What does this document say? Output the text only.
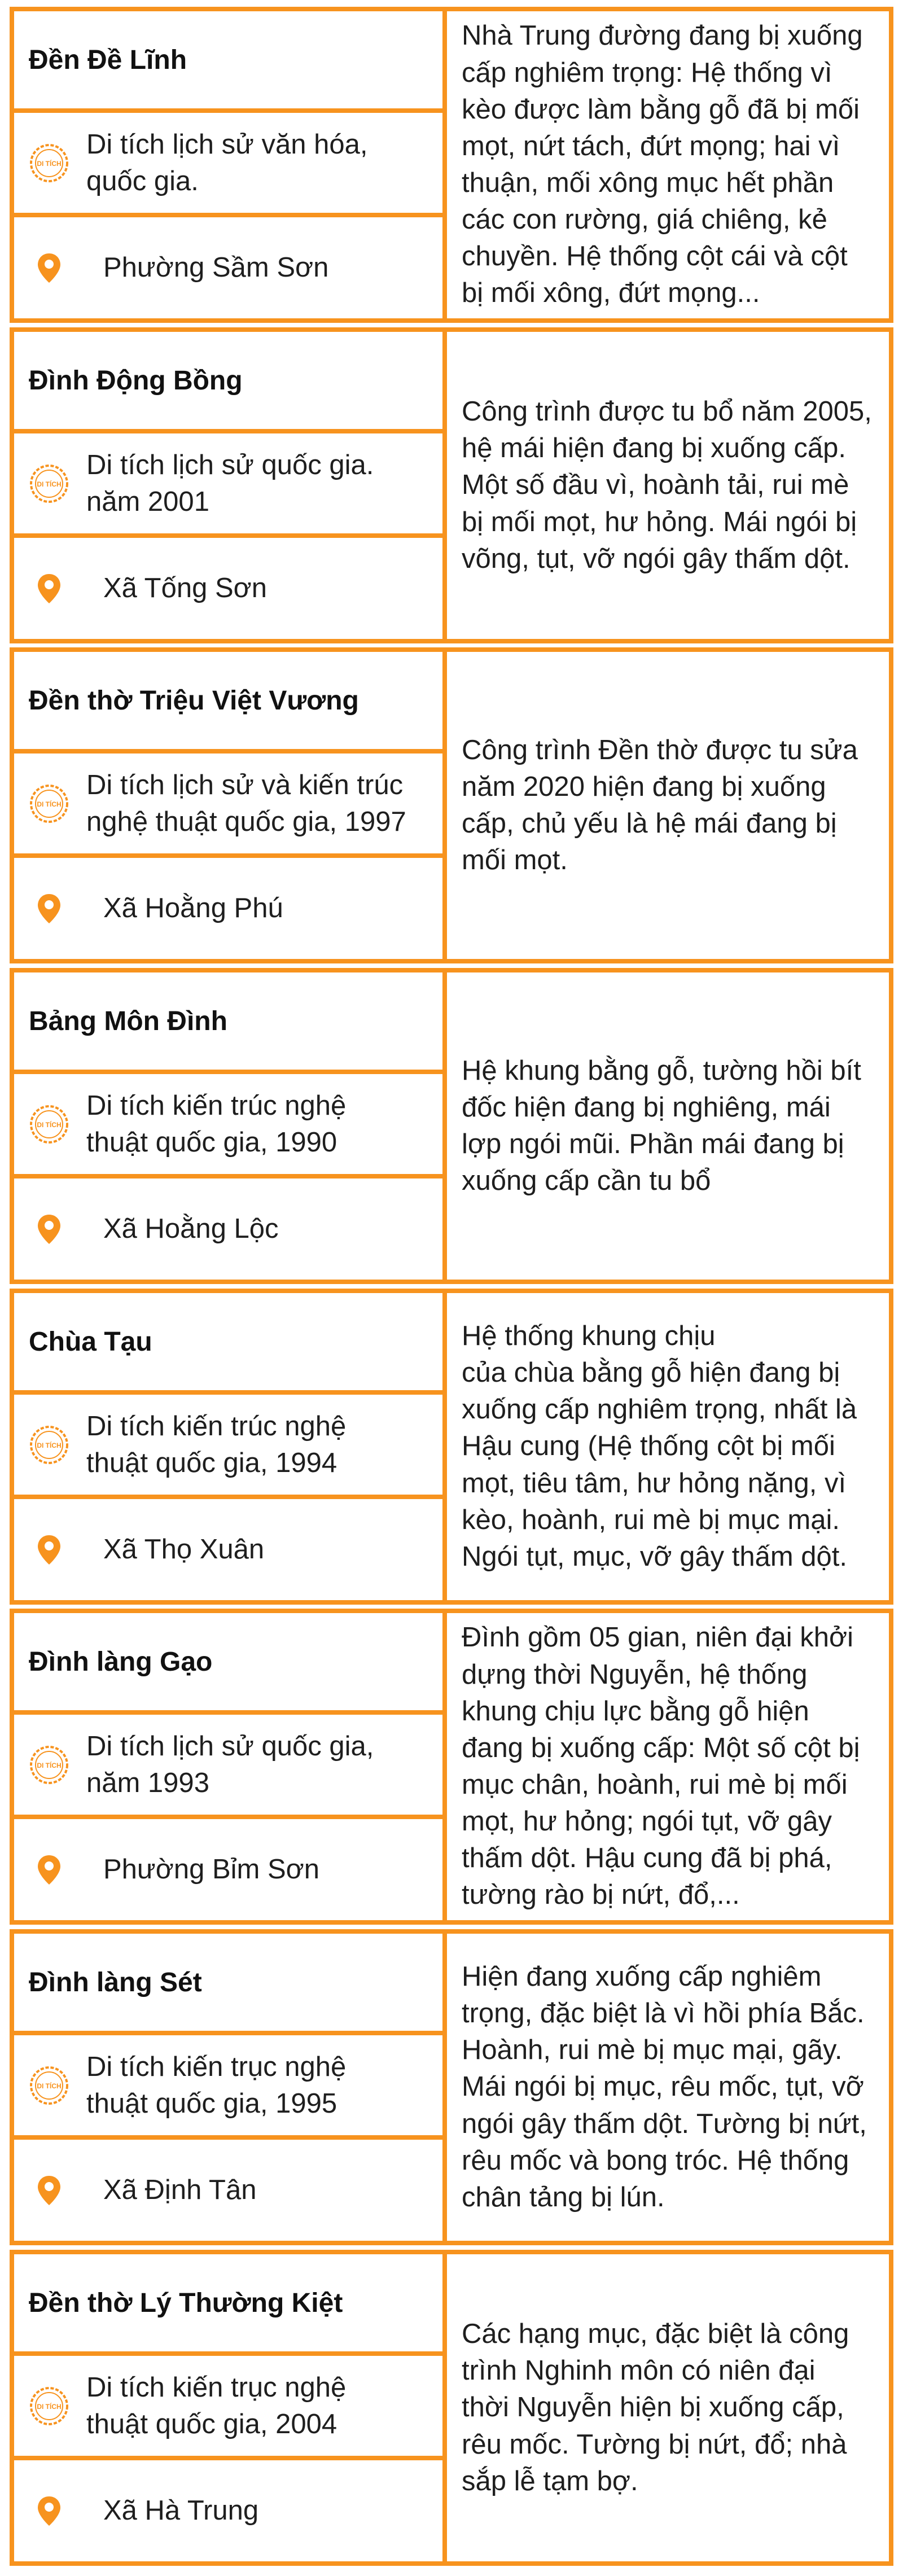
Đền Đề Lĩnh
DI TÍCH
Di tích lịch sử văn hóa,
quốc gia.
Phường Sầm Sơn
Nhà Trung đường đang bị xuống
cấp nghiêm trọng: Hệ thống vì
kèo được làm bằng gỗ đã bị mối
mọt, nứt tách, đứt mọng; hai vì
thuận, mối xông mục hết phần
các con rường, giá chiêng, kẻ
chuyền. Hệ thống cột cái và cột
bị mối xông, đứt mọng...
Đình Động Bồng
DI TÍCH
Di tích lịch sử quốc gia.
năm 2001
Xã Tống Sơn
Công trình được tu bổ năm 2005,
hệ mái hiện đang bị xuống cấp.
Một số đầu vì, hoành tải, rui mè
bị mối mọt, hư hỏng. Mái ngói bị
võng, tụt, vỡ ngói gây thấm dột.
Đền thờ Triệu Việt Vương
DI TÍCH
Di tích lịch sử và kiến trúc
nghệ thuật quốc gia, 1997
Xã Hoằng Phú
Công trình Đền thờ được tu sửa
năm 2020 hiện đang bị xuống
cấp, chủ yếu là hệ mái đang bị
mối mọt.
Bảng Môn Đình
DI TÍCH
Di tích kiến trúc nghệ
thuật quốc gia, 1990
Xã Hoằng Lộc
Hệ khung bằng gỗ, tường hồi bít
đốc hiện đang bị nghiêng, mái
lợp ngói mũi. Phần mái đang bị
xuống cấp cần tu bổ
Chùa Tạu
DI TÍCH
Di tích kiến trúc nghệ
thuật quốc gia, 1994
Xã Thọ Xuân
Hệ thống khung chịu
của chùa bằng gỗ hiện đang bị
xuống cấp nghiêm trọng, nhất là
Hậu cung (Hệ thống cột bị mối
mọt, tiêu tâm, hư hỏng nặng, vì
kèo, hoành, rui mè bị mục mại.
Ngói tụt, mục, vỡ gây thấm dột.
Đình làng Gạo
DI TÍCH
Di tích lịch sử quốc gia,
năm 1993
Phường Bỉm Sơn
Đình gồm 05 gian, niên đại khởi
dựng thời Nguyễn, hệ thống
khung chịu lực bằng gỗ hiện
đang bị xuống cấp: Một số cột bị
mục chân, hoành, rui mè bị mối
mọt, hư hỏng; ngói tụt, vỡ gây
thấm dột. Hậu cung đã bị phá,
tường rào bị nứt, đổ,...
Đình làng Sét
DI TÍCH
Di tích kiến trục nghệ
thuật quốc gia, 1995
Xã Định Tân
Hiện đang xuống cấp nghiêm
trọng, đặc biệt là vì hồi phía Bắc.
Hoành, rui mè bị mục mại, gãy.
Mái ngói bị mục, rêu mốc, tụt, vỡ
ngói gây thấm dột. Tường bị nứt,
rêu mốc và bong tróc. Hệ thống
chân tảng bị lún.
Đền thờ Lý Thường Kiệt
DI TÍCH
Di tích kiến trục nghệ
thuật quốc gia, 2004
Xã Hà Trung
Các hạng mục, đặc biệt là công
trình Nghinh môn có niên đại
thời Nguyễn hiện bị xuống cấp,
rêu mốc. Tường bị nứt, đổ; nhà
sắp lễ tạm bợ.
